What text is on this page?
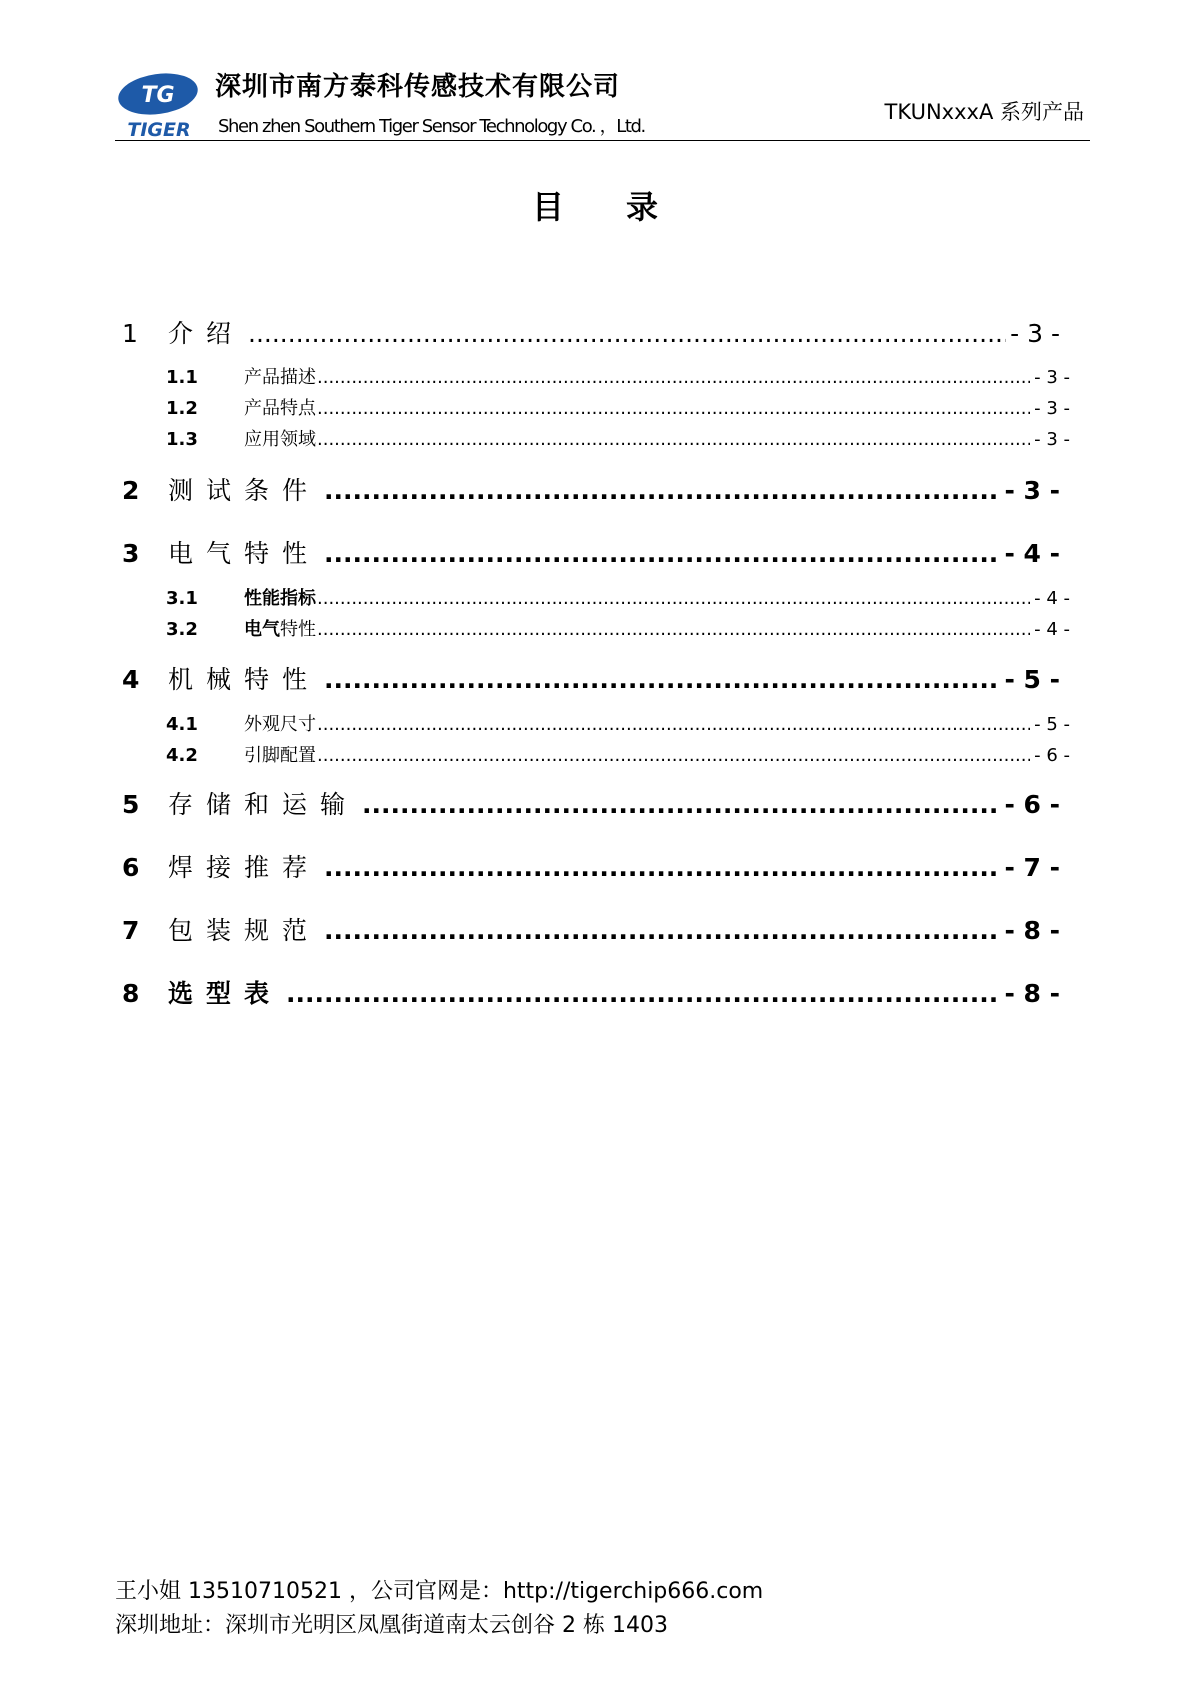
TG
TIGER
深圳市南方泰科传感技术有限公司
Shen zhen Southern Tiger Sensor Technology Co. ，Ltd.
TKUNxxxA 系列产品
目录
1	介绍 .....	- 3 -
1.1	产品描述 .....	- 3 -
1.2	产品特点 .....	- 3 -
1.3	应用领域 .....	- 3 -
2	测试条件 .....	- 3 -
3	电气特性 .....	- 4 -
3.1	性能指标 .....	- 4 -
3.2	电气特性 .....	- 4 -
4	机械特性 .....	- 5 -
4.1	外观尺寸 .....	- 5 -
4.2	引脚配置 .....	- 6 -
5	存储和运输 .....	- 6 -
6	焊接推荐 .....	- 7 -
7	包装规范 .....	- 8 -
8	选型表 .....	- 8 -
王小姐 13510710521 ，公司官网是：http://tigerchip666.com
深圳地址：深圳市光明区凤凰街道南太云创谷 2 栋 1403
